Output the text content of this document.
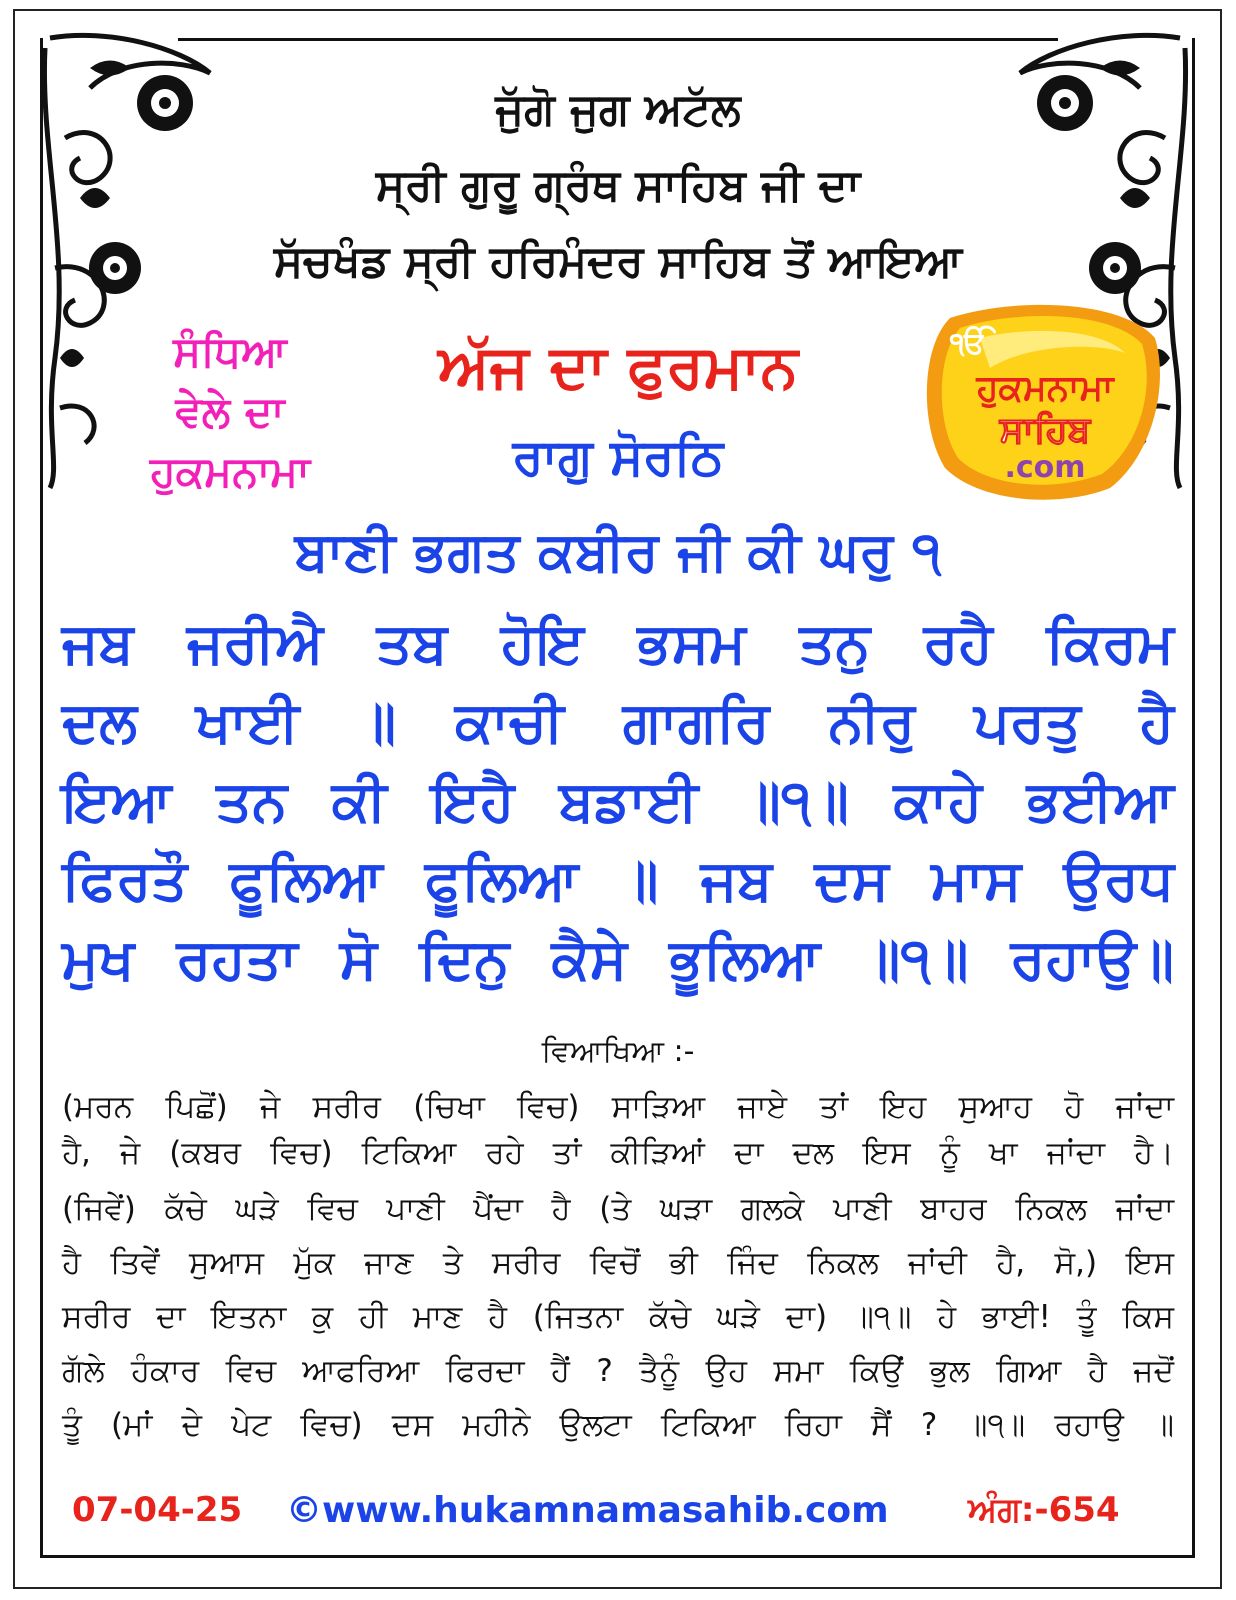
ਜੁੱਗੋ ਜੁਗ ਅਟੱਲ
ਸ੍ਰੀ ਗੁਰੂ ਗ੍ਰੰਥ ਸਾਹਿਬ ਜੀ ਦਾ
ਸੱਚਖੰਡ ਸ੍ਰੀ ਹਰਿਮੰਦਰ ਸਾਹਿਬ ਤੋਂ ਆਇਆ
ਸੰਧਿਆ
ਵੇਲੇ ਦਾ
ਹੁਕਮਨਾਮਾ
ਅੱਜ ਦਾ ਫੁਰਮਾਨ
ਰਾਗੁ ਸੋਰਠਿ
ੴ
ਹੁਕਮਨਾਮਾ
ਸਾਹਿਬ
.com
ਬਾਣੀ ਭਗਤ ਕਬੀਰ ਜੀ ਕੀ ਘਰੁ ੧
ਜਬ ਜਰੀਐ ਤਬ ਹੋਇ ਭਸਮ ਤਨੁ ਰਹੈ ਕਿਰਮ
ਦਲ ਖਾਈ ॥ ਕਾਚੀ ਗਾਗਰਿ ਨੀਰੁ ਪਰਤੁ ਹੈ
ਇਆ ਤਨ ਕੀ ਇਹੈ ਬਡਾਈ ॥੧॥ ਕਾਹੇ ਭਈਆ
ਫਿਰਤੌ ਫੂਲਿਆ ਫੂਲਿਆ ॥ ਜਬ ਦਸ ਮਾਸ ਉਰਧ
ਮੁਖ ਰਹਤਾ ਸੋ ਦਿਨੁ ਕੈਸੇ ਭੂਲਿਆ ॥੧॥ ਰਹਾਉ॥
ਵਿਆਖਿਆ :-
(ਮਰਨ ਪਿਛੋਂ) ਜੇ ਸਰੀਰ (ਚਿਖਾ ਵਿਚ) ਸਾੜਿਆ ਜਾਏ ਤਾਂ ਇਹ ਸੁਆਹ ਹੋ ਜਾਂਦਾ
ਹੈ, ਜੇ (ਕਬਰ ਵਿਚ) ਟਿਕਿਆ ਰਹੇ ਤਾਂ ਕੀੜਿਆਂ ਦਾ ਦਲ ਇਸ ਨੂੰ ਖਾ ਜਾਂਦਾ ਹੈ।
(ਜਿਵੇਂ) ਕੱਚੇ ਘੜੇ ਵਿਚ ਪਾਣੀ ਪੈਂਦਾ ਹੈ (ਤੇ ਘੜਾ ਗਲਕੇ ਪਾਣੀ ਬਾਹਰ ਨਿਕਲ ਜਾਂਦਾ
ਹੈ ਤਿਵੇਂ ਸੁਆਸ ਮੁੱਕ ਜਾਣ ਤੇ ਸਰੀਰ ਵਿਚੋਂ ਭੀ ਜਿੰਦ ਨਿਕਲ ਜਾਂਦੀ ਹੈ, ਸੋ,) ਇਸ
ਸਰੀਰ ਦਾ ਇਤਨਾ ਕੁ ਹੀ ਮਾਣ ਹੈ (ਜਿਤਨਾ ਕੱਚੇ ਘੜੇ ਦਾ) ॥੧॥ ਹੇ ਭਾਈ! ਤੂੰ ਕਿਸ
ਗੱਲੇ ਹੰਕਾਰ ਵਿਚ ਆਫਰਿਆ ਫਿਰਦਾ ਹੈਂ ? ਤੈਨੂੰ ਉਹ ਸਮਾ ਕਿਉਂ ਭੁਲ ਗਿਆ ਹੈ ਜਦੋਂ
ਤੂੰ (ਮਾਂ ਦੇ ਪੇਟ ਵਿਚ) ਦਸ ਮਹੀਨੇ ਉਲਟਾ ਟਿਕਿਆ ਰਿਹਾ ਸੈਂ ? ॥੧॥ ਰਹਾਉ ॥
07-04-25 ©www.hukamnamasahib.com ਅੰਗ:-654
